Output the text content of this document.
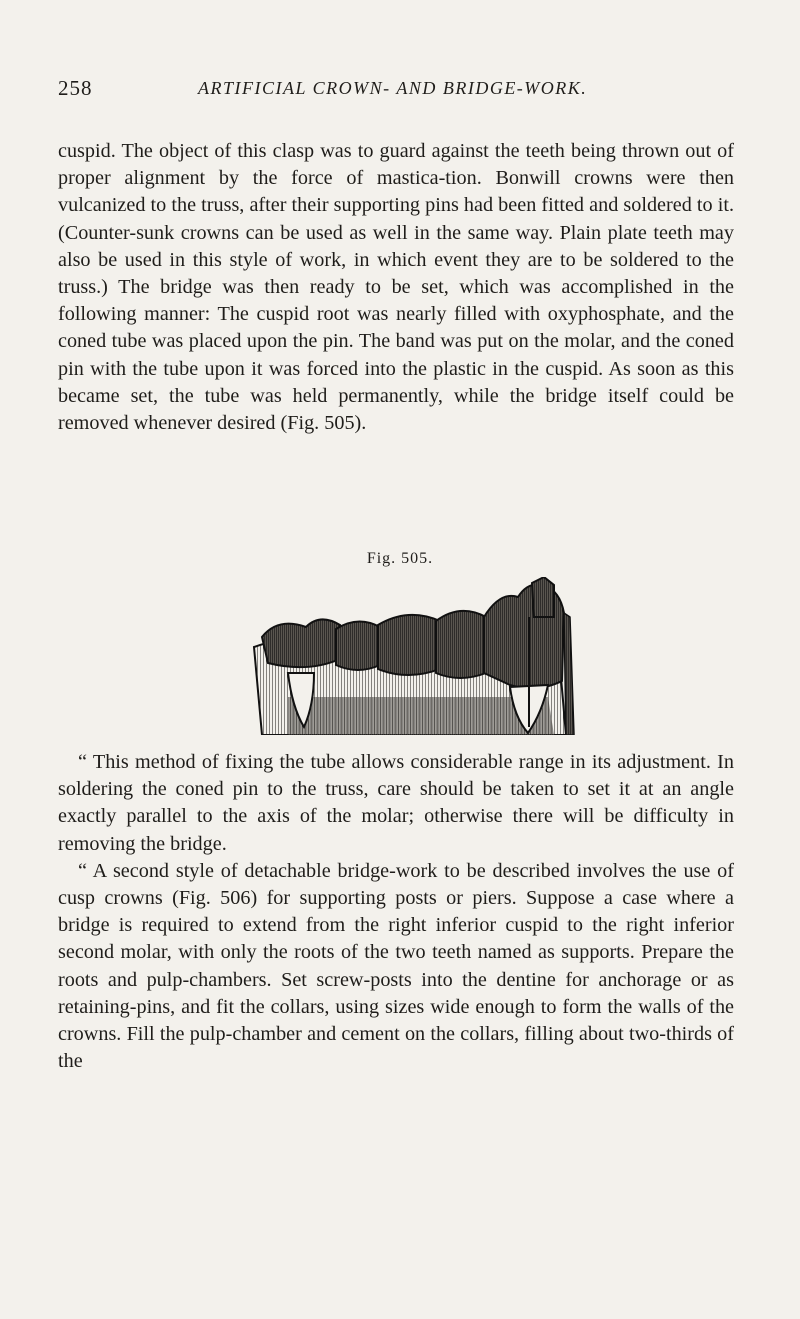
258	ARTIFICIAL CROWN- AND BRIDGE-WORK.

cuspid. The object of this clasp was to guard against the teeth being thrown out of proper alignment by the force of mastica-tion. Bonwill crowns were then vulcanized to the truss, after their supporting pins had been fitted and soldered to it. (Counter-sunk crowns can be used as well in the same way. Plain plate teeth may also be used in this style of work, in which event they are to be soldered to the truss.) The bridge was then ready to be set, which was accomplished in the following manner: The cuspid root was nearly filled with oxyphosphate, and the coned tube was placed upon the pin. The band was put on the molar, and the coned pin with the tube upon it was forced into the plastic in the cuspid. As soon as this became set, the tube was held permanently, while the bridge itself could be removed whenever desired (Fig. 505).

Fig. 505.

“ This method of fixing the tube allows considerable range in its adjustment. In soldering the coned pin to the truss, care should be taken to set it at an angle exactly parallel to the axis of the molar; otherwise there will be difficulty in removing the bridge.

“ A second style of detachable bridge-work to be described involves the use of cusp crowns (Fig. 506) for supporting posts or piers. Suppose a case where a bridge is required to extend from the right inferior cuspid to the right inferior second molar, with only the roots of the two teeth named as supports. Prepare the roots and pulp-chambers. Set screw-posts into the dentine for anchorage or as retaining-pins, and fit the collars, using sizes wide enough to form the walls of the crowns. Fill the pulp-chamber and cement on the collars, filling about two-thirds of the
